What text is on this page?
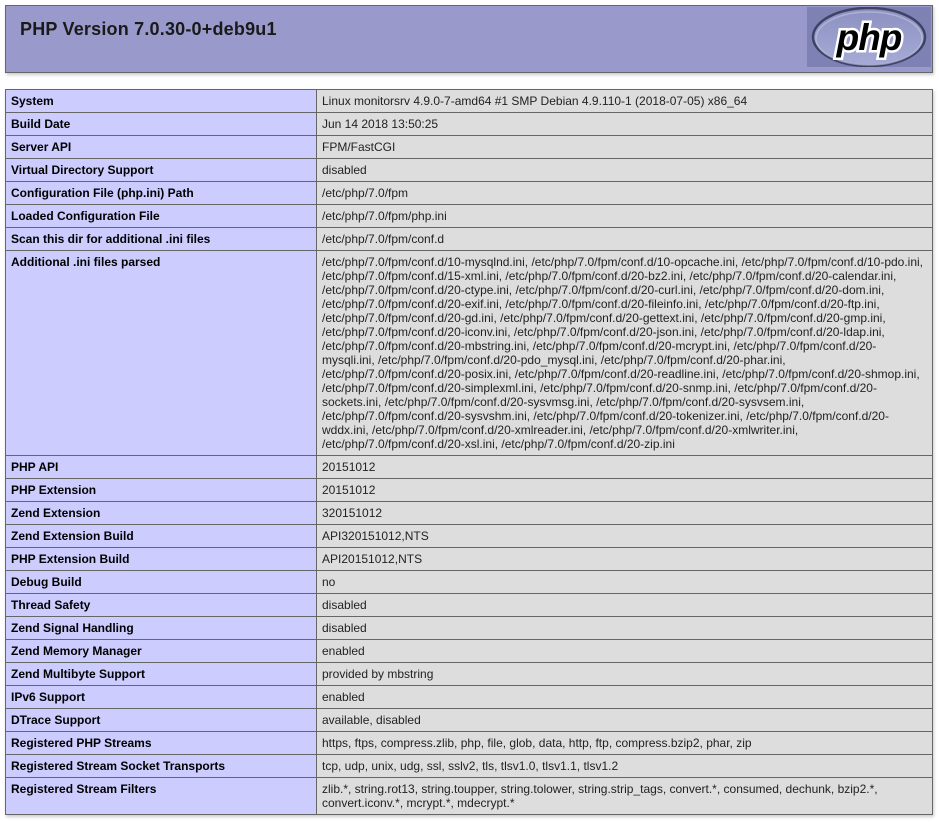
PHP Version 7.0.30-0+deb9u1	php
System	Linux monitorsrv 4.9.0-7-amd64 #1 SMP Debian 4.9.110-1 (2018-07-05) x86_64
Build Date	Jun 14 2018 13:50:25
Server API	FPM/FastCGI
Virtual Directory Support	disabled
Configuration File (php.ini) Path	/etc/php/7.0/fpm
Loaded Configuration File	/etc/php/7.0/fpm/php.ini
Scan this dir for additional .ini files	/etc/php/7.0/fpm/conf.d
Additional .ini files parsed	/etc/php/7.0/fpm/conf.d/10-mysqlnd.ini, /etc/php/7.0/fpm/conf.d/10-opcache.ini, /etc/php/7.0/fpm/conf.d/10-pdo.ini, /etc/php/7.0/fpm/conf.d/15-xml.ini, /etc/php/7.0/fpm/conf.d/20-bz2.ini, /etc/php/7.0/fpm/conf.d/20-calendar.ini, /etc/php/7.0/fpm/conf.d/20-ctype.ini, /etc/php/7.0/fpm/conf.d/20-curl.ini, /etc/php/7.0/fpm/conf.d/20-dom.ini, /etc/php/7.0/fpm/conf.d/20-exif.ini, /etc/php/7.0/fpm/conf.d/20-fileinfo.ini, /etc/php/7.0/fpm/conf.d/20-ftp.ini, /etc/php/7.0/fpm/conf.d/20-gd.ini, /etc/php/7.0/fpm/conf.d/20-gettext.ini, /etc/php/7.0/fpm/conf.d/20-gmp.ini, /etc/php/7.0/fpm/conf.d/20-iconv.ini, /etc/php/7.0/fpm/conf.d/20-json.ini, /etc/php/7.0/fpm/conf.d/20-ldap.ini, /etc/php/7.0/fpm/conf.d/20-mbstring.ini, /etc/php/7.0/fpm/conf.d/20-mcrypt.ini, /etc/php/7.0/fpm/conf.d/20-mysqli.ini, /etc/php/7.0/fpm/conf.d/20-pdo_mysql.ini, /etc/php/7.0/fpm/conf.d/20-phar.ini, /etc/php/7.0/fpm/conf.d/20-posix.ini, /etc/php/7.0/fpm/conf.d/20-readline.ini, /etc/php/7.0/fpm/conf.d/20-shmop.ini, /etc/php/7.0/fpm/conf.d/20-simplexml.ini, /etc/php/7.0/fpm/conf.d/20-snmp.ini, /etc/php/7.0/fpm/conf.d/20-sockets.ini, /etc/php/7.0/fpm/conf.d/20-sysvmsg.ini, /etc/php/7.0/fpm/conf.d/20-sysvsem.ini, /etc/php/7.0/fpm/conf.d/20-sysvshm.ini, /etc/php/7.0/fpm/conf.d/20-tokenizer.ini, /etc/php/7.0/fpm/conf.d/20-wddx.ini, /etc/php/7.0/fpm/conf.d/20-xmlreader.ini, /etc/php/7.0/fpm/conf.d/20-xmlwriter.ini, /etc/php/7.0/fpm/conf.d/20-xsl.ini, /etc/php/7.0/fpm/conf.d/20-zip.ini
PHP API	20151012
PHP Extension	20151012
Zend Extension	320151012
Zend Extension Build	API320151012,NTS
PHP Extension Build	API20151012,NTS
Debug Build	no
Thread Safety	disabled
Zend Signal Handling	disabled
Zend Memory Manager	enabled
Zend Multibyte Support	provided by mbstring
IPv6 Support	enabled
DTrace Support	available, disabled
Registered PHP Streams	https, ftps, compress.zlib, php, file, glob, data, http, ftp, compress.bzip2, phar, zip
Registered Stream Socket Transports	tcp, udp, unix, udg, ssl, sslv2, tls, tlsv1.0, tlsv1.1, tlsv1.2
Registered Stream Filters	zlib.*, string.rot13, string.toupper, string.tolower, string.strip_tags, convert.*, consumed, dechunk, bzip2.*, convert.iconv.*, mcrypt.*, mdecrypt.*
